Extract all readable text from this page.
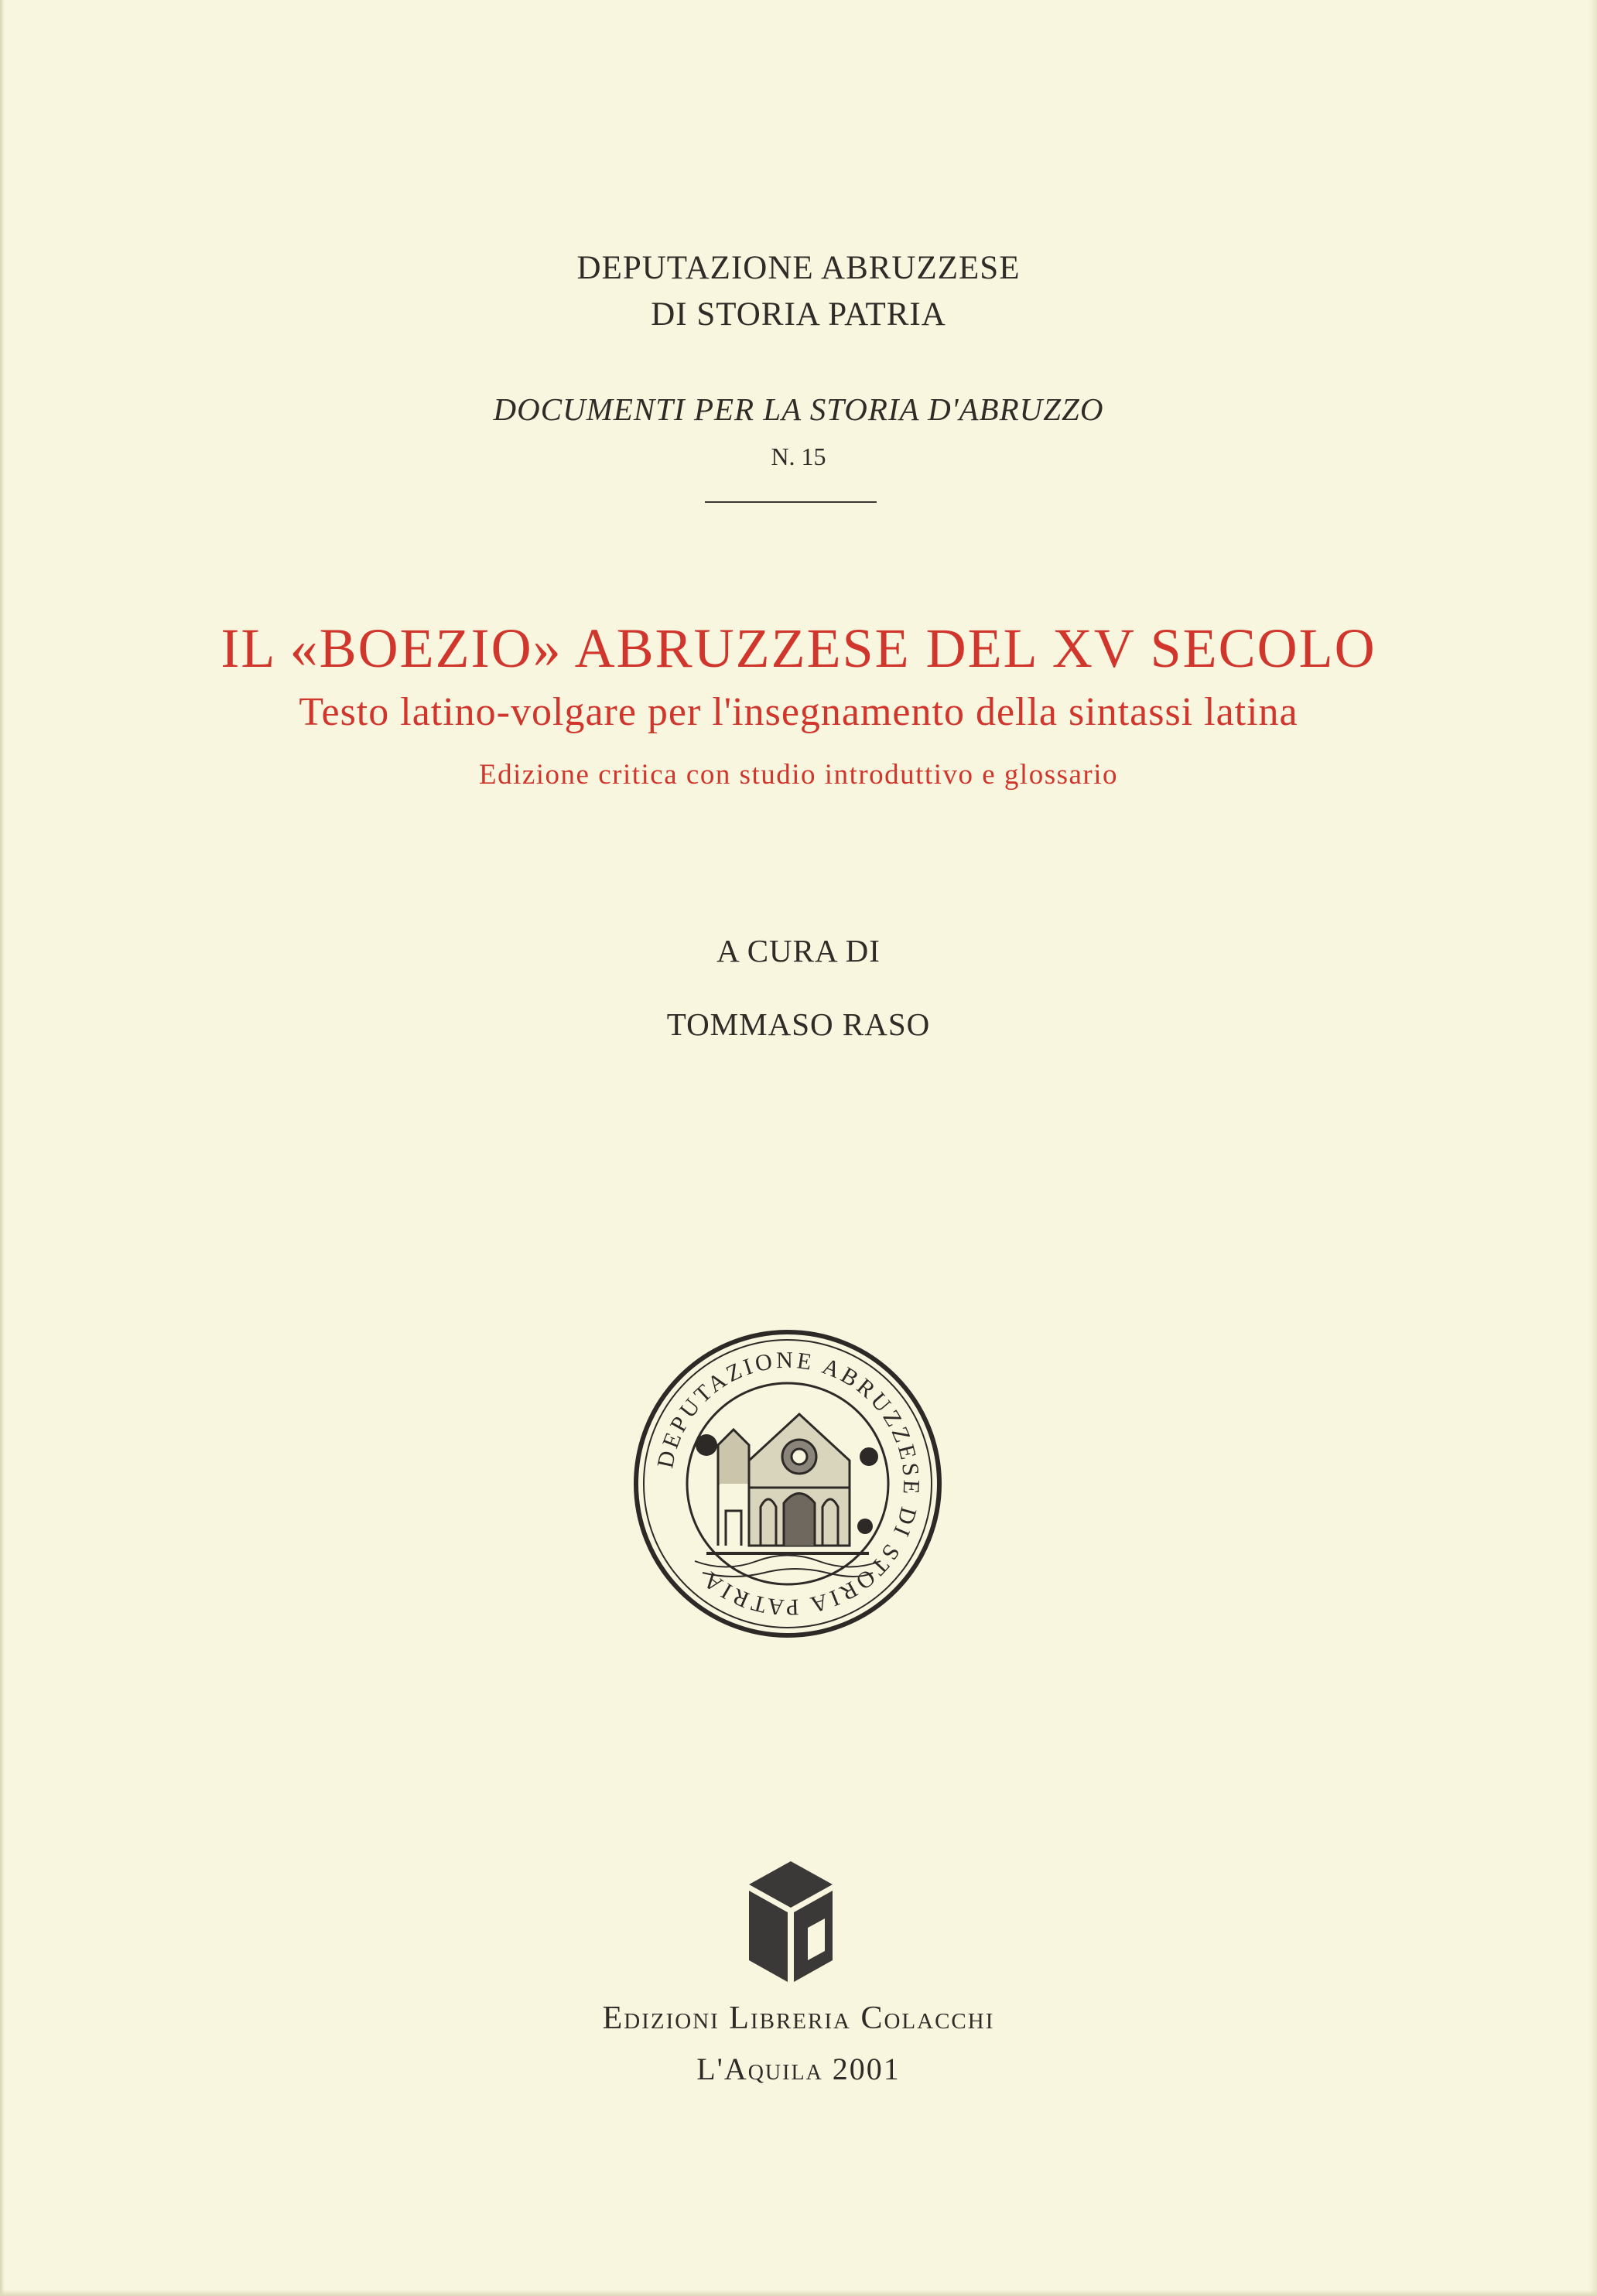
DEPUTAZIONE ABRUZZESE

DI STORIA PATRIA

DOCUMENTI PER LA STORIA D'ABRUZZO

N. 15

IL «BOEZIO» ABRUZZESE DEL XV SECOLO

Testo latino-volgare per l'insegnamento della sintassi latina

Edizione critica con studio introduttivo e glossario

A CURA DI

TOMMASO RASO

DEPUTAZIONE ABRUZZESE DI STORIA PATRIA

Edizioni Libreria Colacchi

L'Aquila 2001
